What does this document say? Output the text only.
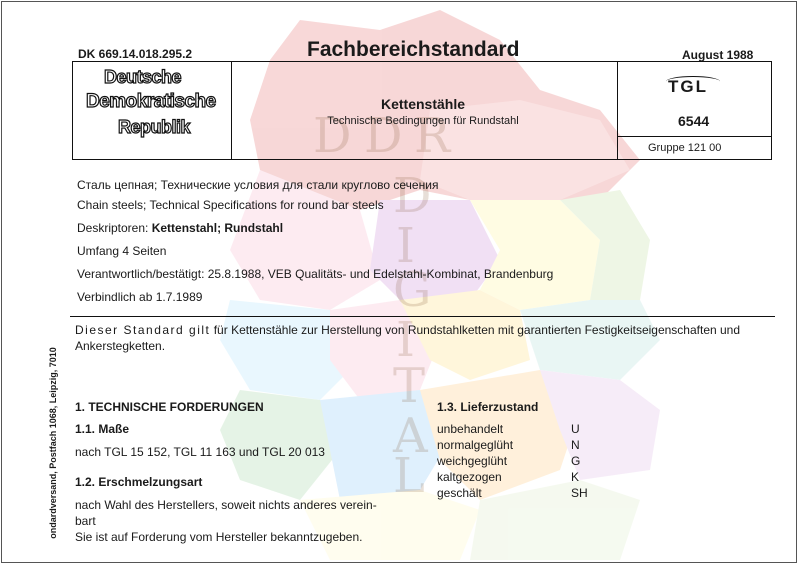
D D R
D
I
G
I
T
A
L
DK 669.14.018.295.2	Fachbereichstandard	August 1988
Deutsche
Demokratische
Republik
Kettenstähle
Technische Bedingungen für Rundstahl
TGL
6544
Gruppe 121 00
Сталь цепная; Технические условия для стали круглово сечения
Chain steels; Technical Specifications for round bar steels
Deskriptoren: Kettenstahl; Rundstahl
Umfang 4 Seiten
Verantwortlich/bestätigt: 25.8.1988, VEB Qualitäts- und Edelstahl-Kombinat, Brandenburg
Verbindlich ab 1.7.1989
Dieser Standard gilt für Kettenstähle zur Herstellung von Rundstahlketten mit garantierten Festigkeitseigenschaften und Ankerstegketten.
ondardversand, Postfach 1068, Leipzig, 7010 1. TECHNISCHE FORDERUNGEN
1.1. Maße
nach TGL 15 152, TGL 11 163 und TGL 20 013
1.2. Erschmelzungsart
nach Wahl des Herstellers, soweit nichts anderes verein-
bart
Sie ist auf Forderung vom Hersteller bekanntzugeben.
1.3. Lieferzustand
unbehandelt	U
normalgeglüht	N
weichgeglüht	G
kaltgezogen	K
geschält	SH
